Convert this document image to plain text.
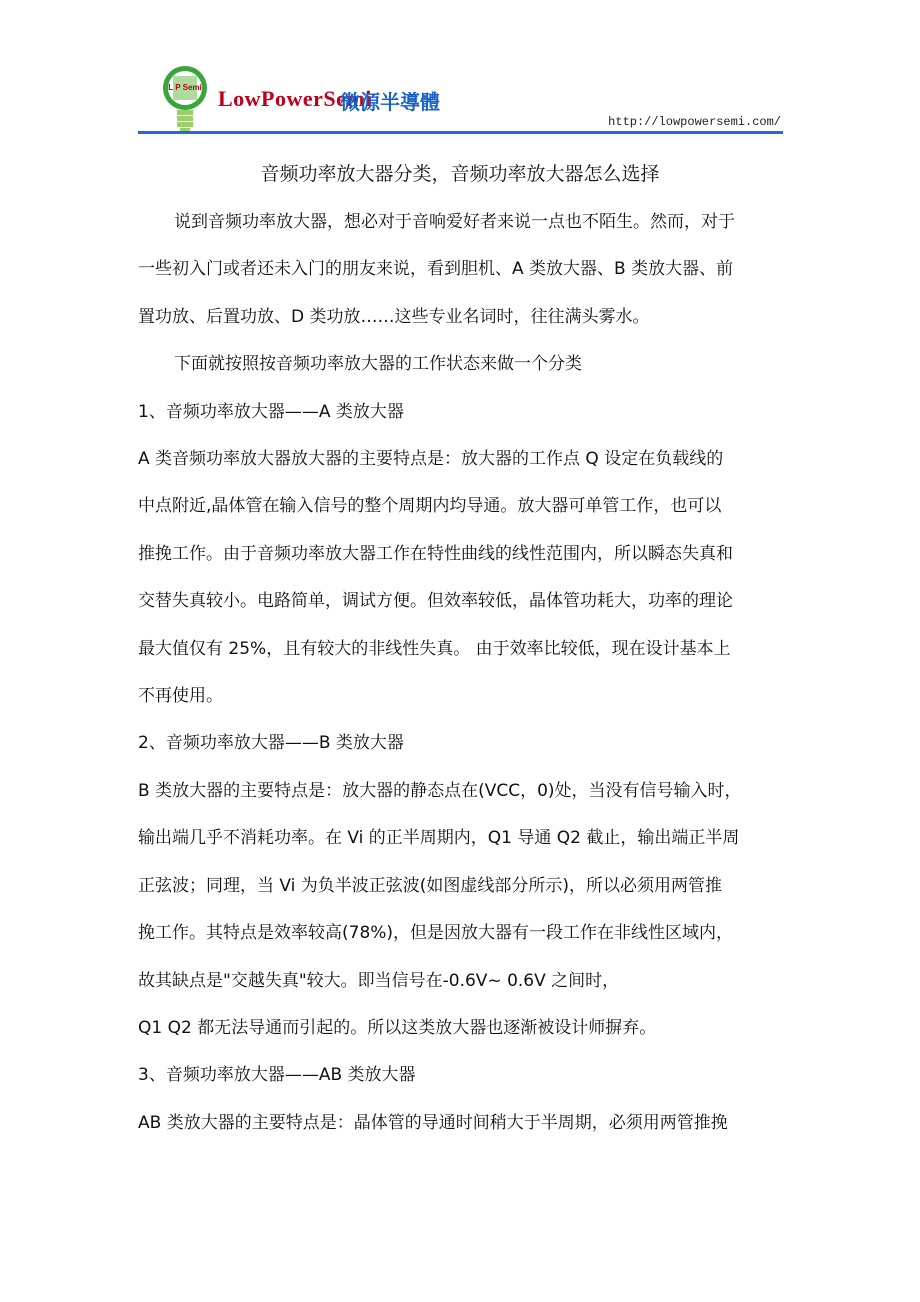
L P Semi LowPowerSemi
微源半導體
http://lowpowersemi.com/
音频功率放大器分类，音频功率放大器怎么选择

说到音频功率放大器，想必对于音响爱好者来说一点也不陌生。然而，对于

一些初入门或者还未入门的朋友来说，看到胆机、A 类放大器、B 类放大器、前

置功放、后置功放、D 类功放……这些专业名词时，往往满头雾水。

下面就按照按音频功率放大器的工作状态来做一个分类

1、音频功率放大器——A 类放大器

A 类音频功率放大器放大器的主要特点是：放大器的工作点 Q 设定在负载线的

中点附近,晶体管在输入信号的整个周期内均导通。放大器可单管工作，也可以

推挽工作。由于音频功率放大器工作在特性曲线的线性范围内，所以瞬态失真和

交替失真较小。电路简单，调试方便。但效率较低，晶体管功耗大，功率的理论

最大值仅有 25%，且有较大的非线性失真。 由于效率比较低，现在设计基本上

不再使用。

2、音频功率放大器——B 类放大器

B 类放大器的主要特点是：放大器的静态点在(VCC，0)处，当没有信号输入时，

输出端几乎不消耗功率。在 Vi 的正半周期内，Q1 导通 Q2 截止，输出端正半周

正弦波；同理，当 Vi 为负半波正弦波(如图虚线部分所示)，所以必须用两管推

挽工作。其特点是效率较高(78%)，但是因放大器有一段工作在非线性区域内，

故其缺点是"交越失真"较大。即当信号在-0.6V~ 0.6V 之间时，

Q1 Q2 都无法导通而引起的。所以这类放大器也逐渐被设计师摒弃。

3、音频功率放大器——AB 类放大器

AB 类放大器的主要特点是：晶体管的导通时间稍大于半周期，必须用两管推挽
